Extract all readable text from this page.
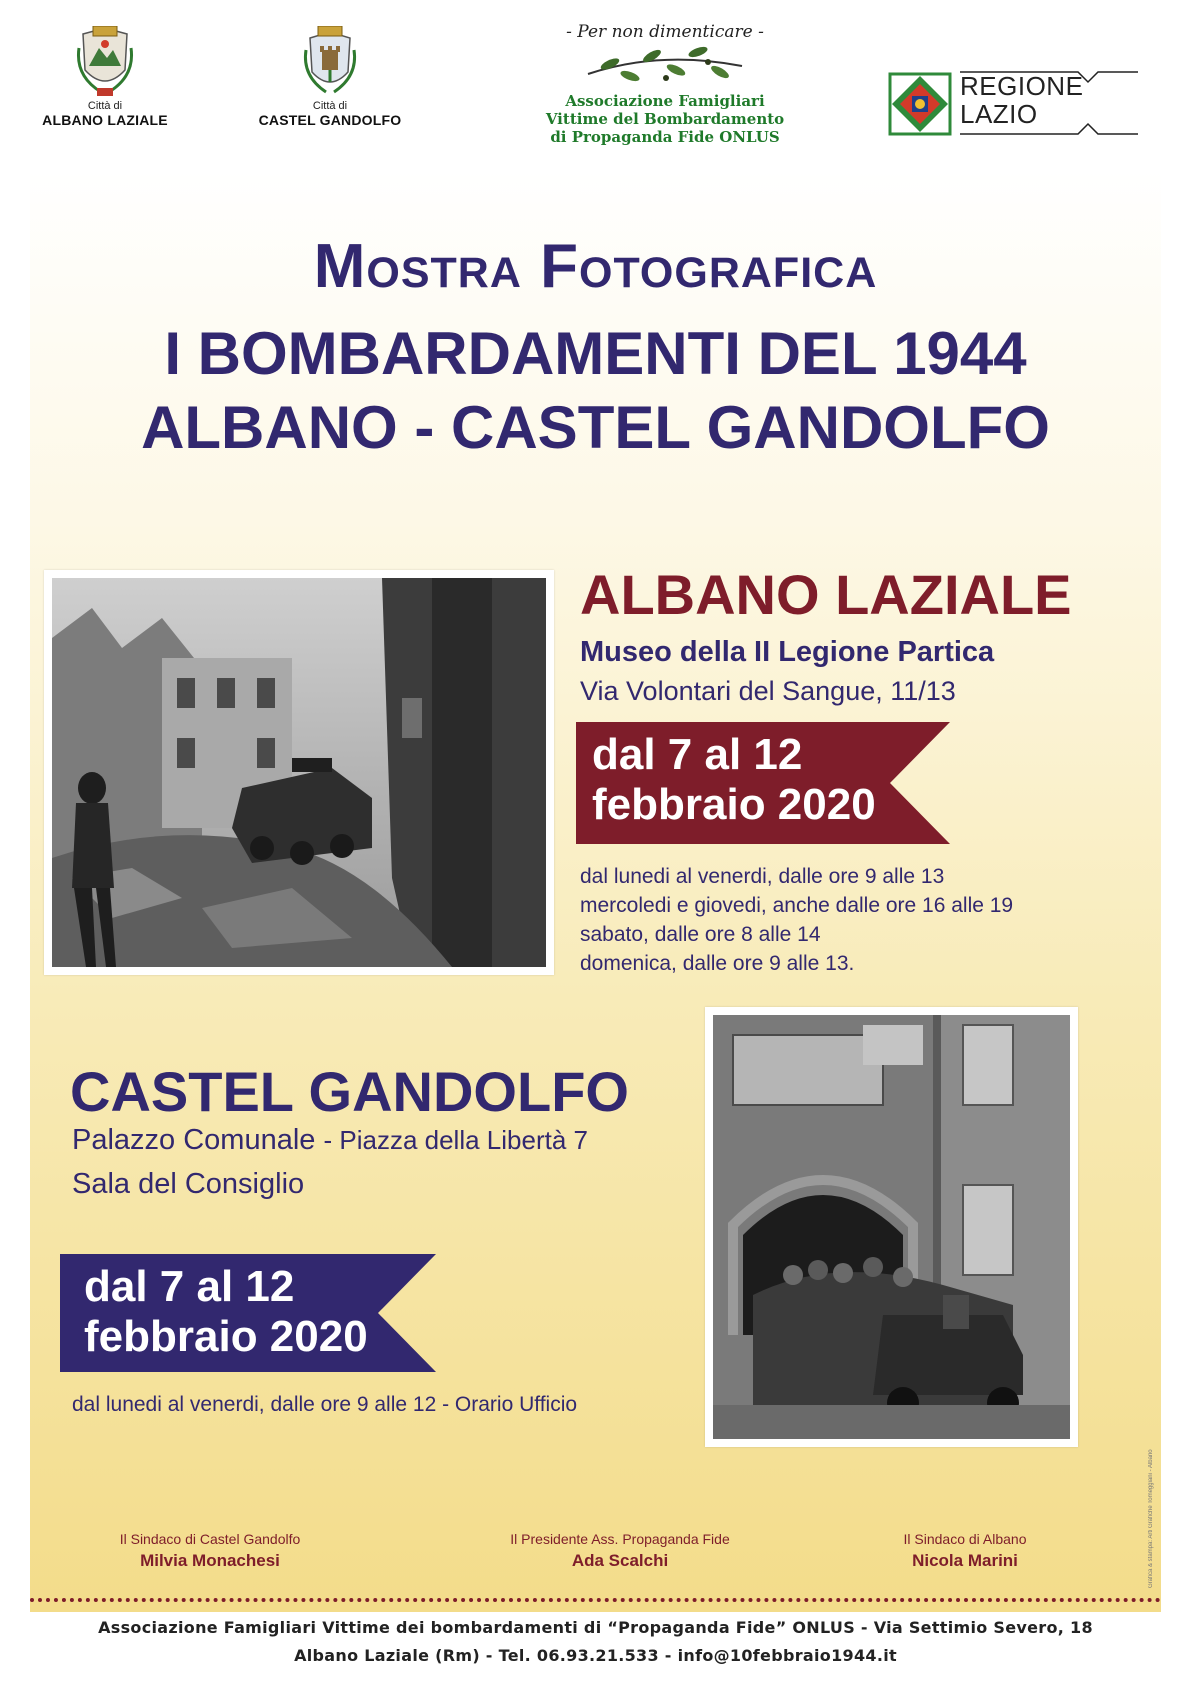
Città di
ALBANO LAZIALE
Città di
CASTEL GANDOLFO
- Per non dimenticare -
Associazione Famigliari
Vittime del Bombardamento
di Propaganda Fide ONLUS
REGIONE
LAZIO
Mostra Fotografica
I BOMBARDAMENTI DEL 1944
ALBANO - CASTEL GANDOLFO
ALBANO LAZIALE
Museo della II Legione Partica
Via Volontari del Sangue, 11/13
dal 7 al 12
febbraio 2020
dal lunedi al venerdi, dalle ore 9 alle 13
mercoledi e giovedi, anche dalle ore 16 alle 19
sabato, dalle ore 8 alle 14
domenica, dalle ore 9 alle 13.
CASTEL GANDOLFO
Palazzo Comunale - Piazza della Libertà 7
Sala del Consiglio
dal 7 al 12
febbraio 2020
dal lunedi al venerdi, dalle ore 9 alle 12 - Orario Ufficio
Il Sindaco di Castel Gandolfo
Milvia Monachesi
Il Presidente Ass. Propaganda Fide
Ada Scalchi
Il Sindaco di Albano
Nicola Marini	Grafica & stampa: Arti Grafiche Tomeggiani - Albano
Associazione Famigliari Vittime dei bombardamenti di “Propaganda Fide” ONLUS - Via Settimio Severo, 18
Albano Laziale (Rm) - Tel. 06.93.21.533 - info@10febbraio1944.it
